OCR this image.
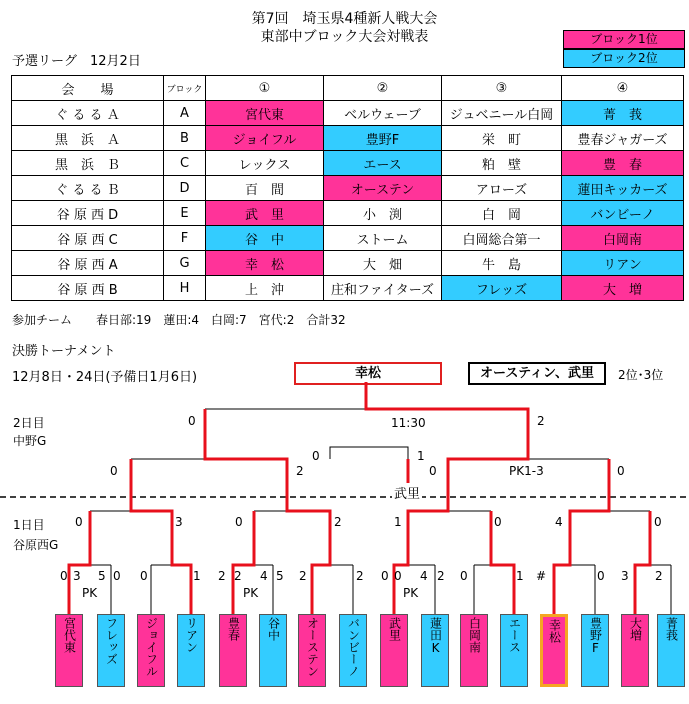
第7回　埼玉県4種新人戦大会
東部中ブロック大会対戦表
予選リーグ　12月2日
ブロック1位
ブロック2位
会　　場	ブロック	①	②	③	④
ぐ る る Ａ	A	宮代東	ベルウェーブ	ジュベニール白岡	菁　莪
黒　浜　Ａ	B	ジョイフル	豊野F	栄　町	豊春ジャガーズ
黒　浜　Ｂ	C	レックス	エース	粕　壁	豊　春
ぐ る る Ｂ	D	百　間	オーステン	アローズ	蓮田キッカーズ
谷 原 西 D	E	武　里	小　渕	白　岡	バンビーノ
谷 原 西 C	F	谷　中	ストーム	白岡総合第一	白岡南
谷 原 西 A	G	幸　松	大　畑	牛　島	リアン
谷 原 西 B	H	上　沖	庄和ファイターズ	フレッズ	大　増
参加チーム　　春日部:19　蓮田:4　白岡:7　宮代:2　合計32
決勝トーナメント
12月8日・24日(予備日1月6日)	幸松	オースティン、武里	2位･3位
2日目
中野G
1日目
谷原西G
0	2
11:30
0	1
0	2	0	0
PK1-3
武里
0	3	0	2	1	0	4	0
0 3 5 0 0	1 2 2 4 5 2	2 0 0 4 2 0	1 #	0 3 2
PK	PK	PK
宮代東	フレッズ	ジョイフル	リアン	豊春	谷中	オーステン	バンビーノ	武里	蓮田K	白岡南	エース	幸松	豊野F	大増	菁莪
